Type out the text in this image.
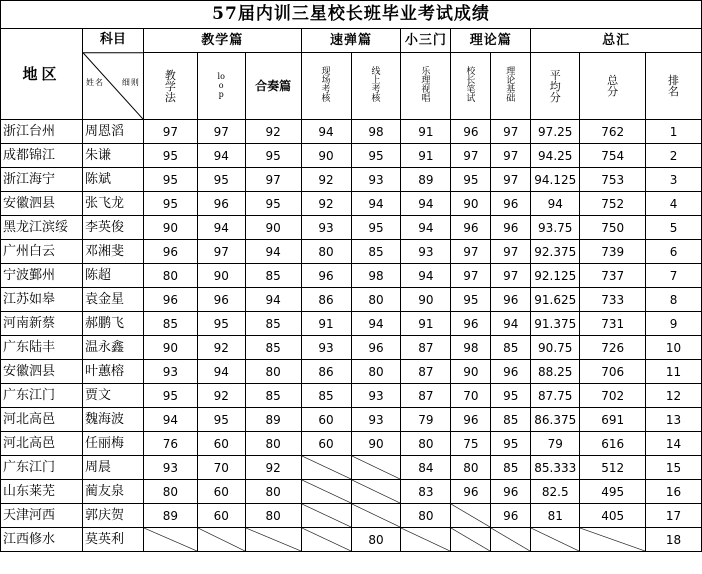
57届内训三星校长班毕业考试成绩												
地区	科目
姓名 细则	教学篇			速弹篇		小三门	理论篇		总汇		
		教学法	loop	合奏篇	现场考核	线上考核	乐理视唱	校长笔试	理论基础	平均分	总分	排名
浙江台州	周恩滔	97	97	92	94	98	91	96	97	97.25	762	1
成都锦江	朱谦	95	94	95	90	95	91	97	97	94.25	754	2
浙江海宁	陈斌	95	95	97	92	93	89	95	97	94.125	753	3
安徽泗县	张飞龙	95	96	95	92	94	94	90	96	94	752	4
黑龙江滨绥	李英俊	90	94	90	93	95	94	96	96	93.75	750	5
广州白云	邓湘斐	96	97	94	80	85	93	97	97	92.375	739	6
宁波鄞州	陈超	80	90	85	96	98	94	97	97	92.125	737	7
江苏如皋	袁金星	96	96	94	86	80	90	95	96	91.625	733	8
河南新蔡	郝鹏飞	85	95	85	91	94	91	96	94	91.375	731	9
广东陆丰	温永鑫	90	92	85	93	96	87	98	85	90.75	726	10
安徽泗县	叶蕙榕	93	94	80	86	80	87	90	96	88.25	706	11
广东江门	贾文	95	92	85	85	93	87	70	95	87.75	702	12
河北高邑	魏海波	94	95	89	60	93	79	96	85	86.375	691	13
河北高邑	任丽梅	76	60	80	60	90	80	75	95	79	616	14
广东江门	周晨	93	70	92			84	80	85	85.333	512	15
山东莱芜	蔺友泉	80	60	80			83	96	96	82.5	495	16
天津河西	郭庆贺	89	60	80			80		96	81	405	17
江西修水	莫英利					80						18
